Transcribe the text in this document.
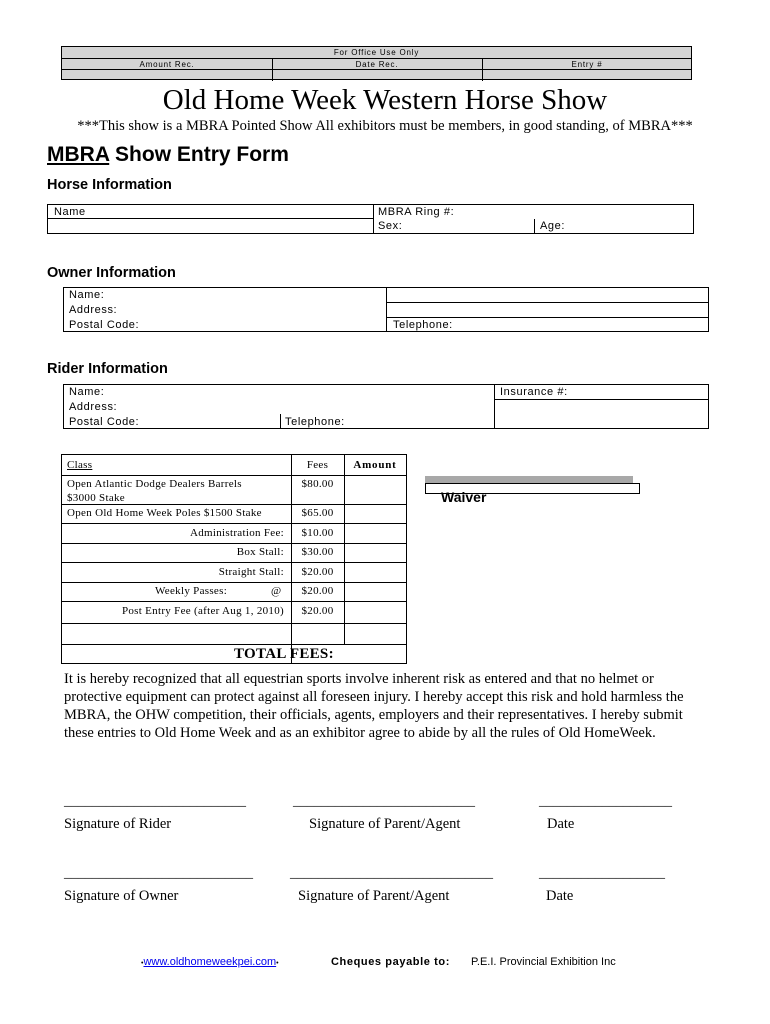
For Office Use Only
Amount Rec.	Date Rec.	Entry #
Old Home Week Western Horse Show
***This show is a MBRA Pointed Show All exhibitors must be members, in good standing, of MBRA***
MBRA Show Entry Form
Horse Information
Name	MBRA Ring #:
Sex:	Age:
Owner Information
Name:
Address:
Postal Code:	Telephone:
Rider Information
Name:	Insurance #:
Address:
Postal Code:	Telephone:
Class	Fees	Amount
Open Atlantic Dodge Dealers Barrels
$3000 Stake
$80.00
Open Old Home Week Poles $1500 Stake	$65.00
Administration Fee:	$10.00
Box Stall:	$30.00
Straight Stall:	$20.00
Weekly Passes:	@	$20.00
Post Entry Fee (after Aug 1, 2010)	$20.00
TOTAL FEES:
Waiver
It is hereby recognized that all equestrian sports involve inherent risk as entered and that no helmet or protective equipment can protect against all foreseen injury. I hereby accept this risk and hold harmless the MBRA, the OHW competition, their officials, agents, employers and their representatives. I hereby submit these entries to Old Home Week and as an exhibitor agree to abide by all the rules of Old HomeWeek.
__________________________	__________________________	___________________
Signature of Rider	Signature of Parent/Agent	Date
___________________________	_____________________________	__________________
Signature of Owner	Signature of Parent/Agent	Date
•www.oldhomeweekpei.com•	Cheques payable to: P.E.I. Provincial Exhibition Inc
